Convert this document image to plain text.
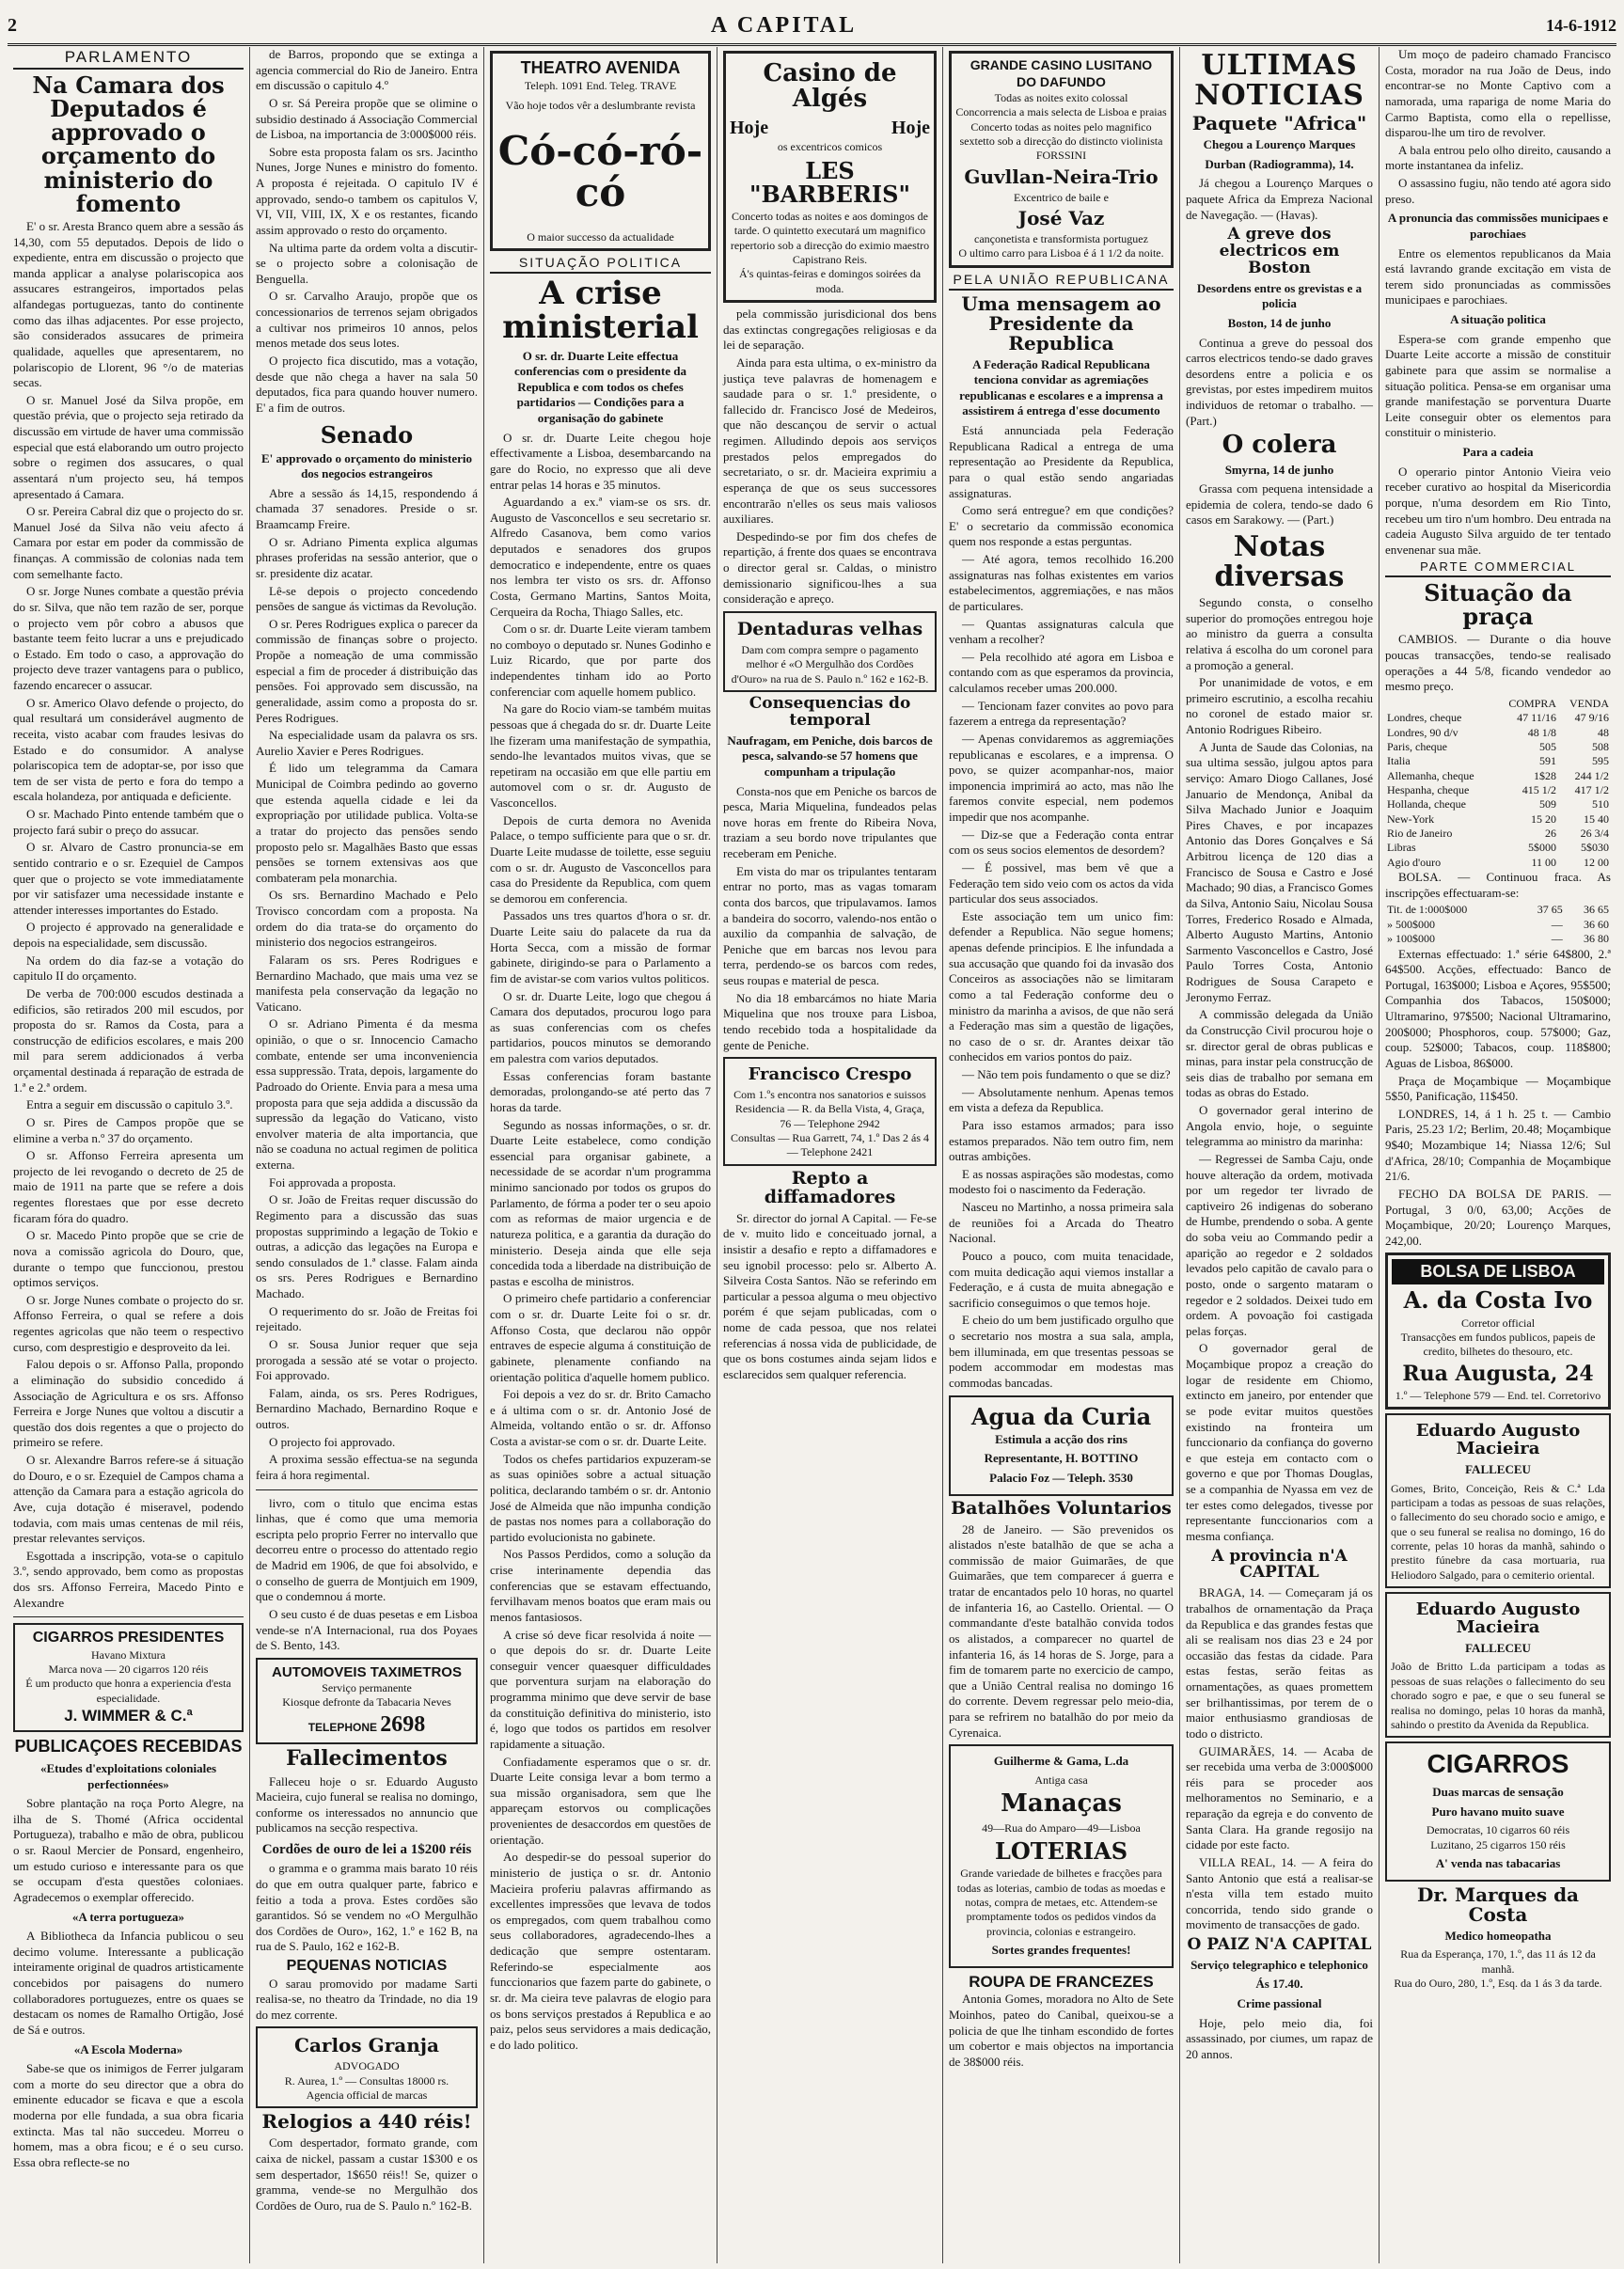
2	A CAPITAL	14-6-1912
PARLAMENTO
Na Camara dos Deputados é approvado o orçamento do ministerio do fomento

E' o sr. Aresta Branco quem abre a sessão ás 14,30, com 55 deputados. Depois de lido o expediente, entra em discussão o projecto que manda applicar a analyse polariscopica aos assucares estrangeiros, importados pelas alfandegas portuguezas, tanto do continente como das ilhas adjacentes. Por esse projecto, são considerados assucares de primeira qualidade, aquelles que apresentarem, no polariscopio de Llorent, 96 °/o de materias secas.

O sr. Manuel José da Silva propõe, em questão prévia, que o projecto seja retirado da discussão em virtude de haver uma commissão especial que está elaborando um outro projecto sobre o regimen dos assucares, o qual assentará n'um projecto seu, há tempos apresentado á Camara.

O sr. Pereira Cabral diz que o projecto do sr. Manuel José da Silva não veiu afecto á Camara por estar em poder da commissão de finanças. A commissão de colonias nada tem com semelhante facto.

O sr. Jorge Nunes combate a questão prévia do sr. Silva, que não tem razão de ser, porque o projecto vem pôr cobro a abusos que bastante teem feito lucrar a uns e prejudicado o Estado. Em todo o caso, a approvação do projecto deve trazer vantagens para o publico, fazendo encarecer o assucar.

O sr. Americo Olavo defende o projecto, do qual resultará um considerável augmento de receita, visto acabar com fraudes lesivas do Estado e do consumidor. A analyse polariscopica tem de adoptar-se, por isso que tem de ser vista de perto e fora do tempo a escala holandeza, por antiquada e deficiente.

O sr. Machado Pinto entende também que o projecto fará subir o preço do assucar.

O sr. Alvaro de Castro pronuncia-se em sentido contrario e o sr. Ezequiel de Campos quer que o projecto se vote immediatamente por vir satisfazer uma necessidade instante e attender interesses importantes do Estado.

O projecto é approvado na generalidade e depois na especialidade, sem discussão.

Na ordem do dia faz-se a votação do capitulo II do orçamento.

De verba de 700:000 escudos destinada a edificios, são retirados 200 mil escudos, por proposta do sr. Ramos da Costa, para a construcção de edificios escolares, e mais 200 mil para serem addicionados á verba orçamental destinada á reparação de estrada de 1.ª e 2.ª ordem.

Entra a seguir em discussão o capitulo 3.º.

O sr. Pires de Campos propõe que se elimine a verba n.º 37 do orçamento.

O sr. Affonso Ferreira apresenta um projecto de lei revogando o decreto de 25 de maio de 1911 na parte que se refere a dois regentes florestaes que por esse decreto ficaram fóra do quadro.

O sr. Macedo Pinto propõe que se crie de nova a comissão agricola do Douro, que, durante o tempo que funccionou, prestou optimos serviços.

O sr. Jorge Nunes combate o projecto do sr. Affonso Ferreira, o qual se refere a dois regentes agricolas que não teem o respectivo curso, com desprestigio e desproveito da lei.

Falou depois o sr. Affonso Palla, propondo a eliminação do subsidio concedido á Associação de Agricultura e os srs. Affonso Ferreira e Jorge Nunes que voltou a discutir a questão dos dois regentes a que o projecto do primeiro se refere.

O sr. Alexandre Barros refere-se á situação do Douro, e o sr. Ezequiel de Campos chama a attenção da Camara para a estação agricola do Ave, cuja dotação é miseravel, podendo todavia, com mais umas centenas de mil réis, prestar relevantes serviços.

Esgottada a inscripção, vota-se o capitulo 3.º, sendo approvado, bem como as propostas dos srs. Affonso Ferreira, Macedo Pinto e Alexandre

CIGARROS PRESIDENTES
Havano Mixtura
Marca nova — 20 cigarros 120 réis
É um producto que honra a experiencia d'esta especialidade.
J. WIMMER & C.ª
PUBLICAÇOES RECEBIDAS
«Etudes d'exploitations coloniales perfectionnées»

Sobre plantação na roça Porto Alegre, na ilha de S. Thomé (Africa occidental Portugueza), trabalho e mão de obra, publicou o sr. Raoul Mercier de Ponsard, engenheiro, um estudo curioso e interessante para os que se occupam d'esta questões coloniaes. Agradecemos o exemplar offerecido.

«A terra portugueza»

A Bibliotheca da Infancia publicou o seu decimo volume. Interessante a publicação inteiramente original de quadros artisticamente concebidos por paisagens do numero collaboradores portuguezes, entre os quaes se destacam os nomes de Ramalho Ortigão, José de Sá e outros.

«A Escola Moderna»

Sabe-se que os inimigos de Ferrer julgaram com a morte do seu director que a obra do eminente educador se ficava e que a escola moderna por elle fundada, a sua obra ficaria extincta. Mas tal não succedeu. Morreu o homem, mas a obra ficou; e é o seu curso. Essa obra reflecte-se no

de Barros, propondo que se extinga a agencia commercial do Rio de Janeiro. Entra em discussão o capitulo 4.º

O sr. Sá Pereira propõe que se olimine o subsidio destinado á Associação Commercial de Lisboa, na importancia de 3:000$000 réis.

Sobre esta proposta falam os srs. Jacintho Nunes, Jorge Nunes e ministro do fomento. A proposta é rejeitada. O capitulo IV é approvado, sendo-o tambem os capitulos V, VI, VII, VIII, IX, X e os restantes, ficando assim approvado o resto do orçamento.

Na ultima parte da ordem volta a discutir-se o projecto sobre a colonisação de Benguella.

O sr. Carvalho Araujo, propõe que os concessionarios de terrenos sejam obrigados a cultivar nos primeiros 10 annos, pelos menos metade dos seus lotes.

O projecto fica discutido, mas a votação, desde que não chega a haver na sala 50 deputados, fica para quando houver numero. E' a fim de outros.

Senado
E' approvado o orçamento do ministerio dos negocios estrangeiros

Abre a sessão ás 14,15, respondendo á chamada 37 senadores. Preside o sr. Braamcamp Freire.

O sr. Adriano Pimenta explica algumas phrases proferidas na sessão anterior, que o sr. presidente diz acatar.

Lê-se depois o projecto concedendo pensões de sangue ás victimas da Revolução.

O sr. Peres Rodrigues explica o parecer da commissão de finanças sobre o projecto. Propõe a nomeação de uma commissão especial a fim de proceder á distribuição das pensões. Foi approvado sem discussão, na generalidade, assim como a proposta do sr. Peres Rodrigues.

Na especialidade usam da palavra os srs. Aurelio Xavier e Peres Rodrigues.

É lido um telegramma da Camara Municipal de Coimbra pedindo ao governo que estenda aquella cidade e lei da expropriação por utilidade publica. Volta-se a tratar do projecto das pensões sendo proposto pelo sr. Magalhães Basto que essas pensões se tornem extensivas aos que combateram pela monarchia.

Os srs. Bernardino Machado e Pelo Trovisco concordam com a proposta. Na ordem do dia trata-se do orçamento do ministerio dos negocios estrangeiros.

Falaram os srs. Peres Rodrigues e Bernardino Machado, que mais uma vez se manifesta pela conservação da legação no Vaticano.

O sr. Adriano Pimenta é da mesma opinião, o que o sr. Innocencio Camacho combate, entende ser uma inconveniencia essa suppressão. Trata, depois, largamente do Padroado do Oriente. Envia para a mesa uma proposta para que seja addida a discussão da supressão da legação do Vaticano, visto envolver materia de alta importancia, que não se coaduna no actual regimen de politica externa.

Foi approvada a proposta.

O sr. João de Freitas requer discussão do Regimento para a discussão das suas propostas supprimindo a legação de Tokio e outras, a adicção das legações na Europa e sendo consulados de 1.ª classe. Falam ainda os srs. Peres Rodrigues e Bernardino Machado.

O requerimento do sr. João de Freitas foi rejeitado.

O sr. Sousa Junior requer que seja prorogada a sessão até se votar o projecto. Foi approvado.

Falam, ainda, os srs. Peres Rodrigues, Bernardino Machado, Bernardino Roque e outros.

O projecto foi approvado.

A proxima sessão effectua-se na segunda feira á hora regimental.

livro, com o titulo que encima estas linhas, que é como que uma memoria escripta pelo proprio Ferrer no intervallo que decorreu entre o processo do attentado regio de Madrid em 1906, de que foi absolvido, e o conselho de guerra de Montjuich em 1909, que o condemnou á morte.

O seu custo é de duas pesetas e em Lisboa vende-se n'A Internacional, rua dos Poyaes de S. Bento, 143.

AUTOMOVEIS TAXIMETROS
Serviço permanente
Kiosque defronte da Tabacaria Neves
TELEPHONE 2698
Fallecimentos

Falleceu hoje o sr. Eduardo Augusto Macieira, cujo funeral se realisa no domingo, conforme os interessados no annuncio que publicamos na secção respectiva.

Cordões de ouro de lei a 1$200 réis

o gramma e o gramma mais barato 10 réis do que em outra qualquer parte, fabrico e feitio a toda a prova. Estes cordões são garantidos. Só se vendem no «O Mergulhão dos Cordões de Ouro», 162, 1.º e 162 B, na rua de S. Paulo, 162 e 162-B.

PEQUENAS NOTICIAS

O sarau promovido por madame Sarti realisa-se, no theatro da Trindade, no dia 19 do mez corrente.

Carlos Granja
ADVOGADO
R. Aurea, 1.º — Consultas 18000 rs.
Agencia official de marcas
Relogios a 440 réis!

Com despertador, formato grande, com caixa de nickel, passam a custar 1$300 e os sem despertador, 1$650 réis!! Se, quizer o gramma, vende-se no Mergulhão dos Cordões de Ouro, rua de S. Paulo n.º 162-B.

THEATRO AVENIDA
Teleph. 1091 End. Teleg. TRAVE
Vão hoje todos vêr a deslumbrante revista
Có-có-ró-có
O maior successo da actualidade
SITUAÇÃO POLITICA
A crise ministerial
O sr. dr. Duarte Leite effectua conferencias com o presidente da Republica e com todos os chefes partidarios — Condições para a organisação do gabinete

O sr. dr. Duarte Leite chegou hoje effectivamente a Lisboa, desembarcando na gare do Rocio, no expresso que ali deve entrar pelas 14 horas e 35 minutos.

Aguardando a ex.ª viam-se os srs. dr. Augusto de Vasconcellos e seu secretario sr. Alfredo Casanova, bem como varios deputados e senadores dos grupos democratico e independente, entre os quaes nos lembra ter visto os srs. dr. Affonso Costa, Germano Martins, Santos Moita, Cerqueira da Rocha, Thiago Salles, etc.

Com o sr. dr. Duarte Leite vieram tambem no comboyo o deputado sr. Nunes Godinho e Luiz Ricardo, que por parte dos independentes tinham ido ao Porto conferenciar com aquelle homem publico.

Na gare do Rocio viam-se também muitas pessoas que á chegada do sr. dr. Duarte Leite lhe fizeram uma manifestação de sympathia, sendo-lhe levantados muitos vivas, que se repetiram na occasião em que elle partiu em automovel com o sr. dr. Augusto de Vasconcellos.

Depois de curta demora no Avenida Palace, o tempo sufficiente para que o sr. dr. Duarte Leite mudasse de toilette, esse seguiu com o sr. dr. Augusto de Vasconcellos para casa do Presidente da Republica, com quem se demorou em conferencia.

Passados uns tres quartos d'hora o sr. dr. Duarte Leite saiu do palacete da rua da Horta Secca, com a missão de formar gabinete, dirigindo-se para o Parlamento a fim de avistar-se com varios vultos politicos.

O sr. dr. Duarte Leite, logo que chegou á Camara dos deputados, procurou logo para as suas conferencias com os chefes partidarios, poucos minutos se demorando em palestra com varios deputados.

Essas conferencias foram bastante demoradas, prolongando-se até perto das 7 horas da tarde.

Segundo as nossas informações, o sr. dr. Duarte Leite estabelece, como condição essencial para organisar gabinete, a necessidade de se acordar n'um programma minimo sancionado por todos os grupos do Parlamento, de fórma a poder ter o seu apoio com as reformas de maior urgencia e de natureza politica, e a garantia da duração do ministerio. Deseja ainda que elle seja concedida toda a liberdade na distribuição de pastas e escolha de ministros.

O primeiro chefe partidario a conferenciar com o sr. dr. Duarte Leite foi o sr. dr. Affonso Costa, que declarou não oppôr entraves de especie alguma á constituição de gabinete, plenamente confiando na orientação politica d'aquelle homem publico.

Foi depois a vez do sr. dr. Brito Camacho e á ultima com o sr. dr. Antonio José de Almeida, voltando então o sr. dr. Affonso Costa a avistar-se com o sr. dr. Duarte Leite.

Todos os chefes partidarios expuzeram-se as suas opiniões sobre a actual situação politica, declarando também o sr. dr. Antonio José de Almeida que não impunha condição de pastas nos nomes para a collaboração do partido evolucionista no gabinete.

Nos Passos Perdidos, como a solução da crise interinamente dependia das conferencias que se estavam effectuando, fervilhavam menos boatos que eram mais ou menos fantasiosos.

A crise só deve ficar resolvida á noite — o que depois do sr. dr. Duarte Leite conseguir vencer quaesquer difficuldades que porventura surjam na elaboração do programma minimo que deve servir de base da constituição definitiva do ministerio, isto é, logo que todos os partidos em resolver rapidamente a situação.

Confiadamente esperamos que o sr. dr. Duarte Leite consiga levar a bom termo a sua missão organisadora, sem que lhe appareçam estorvos ou complicações provenientes de desaccordos em questões de orientação.

Ao despedir-se do pessoal superior do ministerio de justiça o sr. dr. Antonio Macieira proferiu palavras affirmando as excellentes impressões que levava de todos os empregados, com quem trabalhou como seus collaboradores, agradecendo-lhes a dedicação que sempre ostentaram. Referindo-se especialmente aos funccionarios que fazem parte do gabinete, o sr. dr. Ma cieira teve palavras de elogio para os bons serviços prestados á Republica e ao paiz, pelos seus servidores a mais dedicação, e do lado politico.

Casino de Algés
Hoje	Hoje
os excentricos comicos
LES "BARBERIS"
Concerto todas as noites e aos domingos de tarde. O quintetto executará um magnifico repertorio sob a direcção do eximio maestro Capistrano Reis.
Á's quintas-feiras e domingos soirées da moda.

pela commissão jurisdicional dos bens das extinctas congregações religiosas e da lei de separação.

Ainda para esta ultima, o ex-ministro da justiça teve palavras de homenagem e saudade para o sr. 1.º presidente, o fallecido dr. Francisco José de Medeiros, que não descançou de servir o actual regimen. Alludindo depois aos serviços prestados pelos empregados do secretariato, o sr. dr. Macieira exprimiu a esperança de que os seus successores encontrarão n'elles os seus mais valiosos auxiliares.

Despedindo-se por fim dos chefes de repartição, á frente dos quaes se encontrava o director geral sr. Caldas, o ministro demissionario significou-lhes a sua consideração e apreço.

Dentaduras velhas
Dam com compra sempre o pagamento melhor é «O Mergulhão dos Cordões d'Ouro» na rua de S. Paulo n.º 162 e 162-B.
Consequencias do temporal
Naufragam, em Peniche, dois barcos de pesca, salvando-se 57 homens que compunham a tripulação

Consta-nos que em Peniche os barcos de pesca, Maria Miquelina, fundeados pelas nove horas em frente do Ribeira Nova, traziam a seu bordo nove tripulantes que receberam em Peniche.

Em vista do mar os tripulantes tentaram entrar no porto, mas as vagas tomaram conta dos barcos, que tripulavamos. Iamos a bandeira do socorro, valendo-nos então o auxilio da companhia de salvação, de Peniche que em barcas nos levou para terra, perdendo-se os barcos com redes, seus roupas e material de pesca.

No dia 18 embarcámos no hiate Maria Miquelina que nos trouxe para Lisboa, tendo recebido toda a hospitalidade da gente de Peniche.

Francisco Crespo
Com 1.ºs encontra nos sanatorios e suissos
Residencia — R. da Bella Vista, 4, Graça, 76 — Telephone 2942
Consultas — Rua Garrett, 74, 1.º Das 2 ás 4 — Telephone 2421
Repto a diffamadores

Sr. director do jornal A Capital. — Fe-se de v. muito lido e conceituado jornal, a insistir a desafio e repto a diffamadores e seu ignobil processo: pelo sr. Alberto A. Silveira Costa Santos. Não se referindo em particular a pessoa alguma o meu objectivo porém é que sejam publicadas, com o nome de cada pessoa, que nos relatei referencias á nossa vida de publicidade, de que os bons costumes ainda sejam lidos e esclarecidos sem qualquer referencia.

GRANDE CASINO LUSITANO
DO DAFUNDO
Todas as noites exito colossal
Concorrencia a mais selecta de Lisboa e praias
Concerto todas as noites pelo magnifico sextetto sob a direcção do distincto violinista FORSSINI
Guvllan-Neira-Trio
Excentrico de baile e
José Vaz
cançonetista e transformista portuguez
O ultimo carro para Lisboa é á 1 1/2 da noite.
PELA UNIÃO REPUBLICANA
Uma mensagem ao Presidente da Republica
A Federação Radical Republicana tenciona convidar as agremiações republicanas e escolares e a imprensa a assistirem á entrega d'esse documento

Está annunciada pela Federação Republicana Radical a entrega de uma representação ao Presidente da Republica, para o qual estão sendo angariadas assignaturas.

Como será entregue? em que condições? E' o secretario da commissão economica quem nos responde a estas perguntas.

— Até agora, temos recolhido 16.200 assignaturas nas folhas existentes em varios estabelecimentos, aggremiações, e nas mãos de particulares.

— Quantas assignaturas calcula que venham a recolher?

— Pela recolhido até agora em Lisboa e contando com as que esperamos da provincia, calculamos receber umas 200.000.

— Tencionam fazer convites ao povo para fazerem a entrega da representação?

— Apenas convidaremos as aggremiações republicanas e escolares, e a imprensa. O povo, se quizer acompanhar-nos, maior imponencia imprimirá ao acto, mas não lhe faremos convite especial, nem podemos impedir que nos acompanhe.

— Diz-se que a Federação conta entrar com os seus socios elementos de desordem?

— É possivel, mas bem vê que a Federação tem sido veio com os actos da vida particular dos seus associados.

Este associação tem um unico fim: defender a Republica. Não segue homens; apenas defende principios. E lhe infundada a sua accusação que quando foi da invasão dos Conceiros as associações não se limitaram como a tal Federação conforme deu o ministro da marinha a avisos, de que não será a Federação mas sim a questão de ligações, no caso de o sr. dr. Arantes deixar tão conhecidos em varios pontos do paiz.

— Não tem pois fundamento o que se diz?

— Absolutamente nenhum. Apenas temos em vista a defeza da Republica.

Para isso estamos armados; para isso estamos preparados. Não tem outro fim, nem outras ambições.

E as nossas aspirações são modestas, como modesto foi o nascimento da Federação.

Nasceu no Martinho, a nossa primeira sala de reuniões foi a Arcada do Theatro Nacional.

Pouco a pouco, com muita tenacidade, com muita dedicação aqui viemos installar a Federação, e á custa de muita abnegação e sacrificio conseguimos o que temos hoje.

E cheio do um bem justificado orgulho que o secretario nos mostra a sua sala, ampla, bem illuminada, em que tresentas pessoas se podem accommodar em modestas mas commodas bancadas.

Agua da Curia
Estimula a acção dos rins
Representante, H. BOTTINO
Palacio Foz — Teleph. 3530
Batalhões Voluntarios

28 de Janeiro. — São prevenidos os alistados n'este batalhão de que se acha a commissão de maior Guimarães, de que Guimarães, que tem comparecer á guerra e tratar de encantados pelo 10 horas, no quartel de infanteria 16, ao Castello. Oriental. — O commandante d'este batalhão convida todos os alistados, a comparecer no quartel de infanteria 16, ás 14 horas de S. Jorge, para a fim de tomarem parte no exercicio de campo, que a União Central realisa no domingo 16 do corrente. Devem regressar pelo meio-dia, para se refrirem no batalhão do por meio da Cyrenaica.

Guilherme & Gama, L.da
Antiga casa
Manaças
49—Rua do Amparo—49—Lisboa
LOTERIAS
Grande variedade de bilhetes e fracções para todas as loterias, cambio de todas as moedas e notas, compra de metaes, etc. Attendem-se promptamente todos os pedidos vindos da provincia, colonias e estrangeiro.
Sortes grandes frequentes!
ROUPA DE FRANCEZES

Antonia Gomes, moradora no Alto de Sete Moinhos, pateo do Canibal, queixou-se a policia de que lhe tinham escondido de fortes um cobertor e mais objectos na importancia de 38$000 réis.

ULTIMAS NOTICIAS
Paquete "Africa"
Chegou a Lourenço Marques
Durban (Radiogramma), 14.

Já chegou a Lourenço Marques o paquete Africa da Empreza Nacional de Navegação. — (Havas).

A greve dos electricos em Boston
Desordens entre os grevistas e a policia
Boston, 14 de junho

Continua a greve do pessoal dos carros electricos tendo-se dado graves desordens entre a policia e os grevistas, por estes impedirem muitos individuos de retomar o trabalho. — (Part.)

O colera
Smyrna, 14 de junho

Grassa com pequena intensidade a epidemia de colera, tendo-se dado 6 casos em Sarakowy. — (Part.)

Notas diversas

Segundo consta, o conselho superior do promoções entregou hoje ao ministro da guerra a consulta relativa á escolha do um coronel para a promoção a general.

Por unanimidade de votos, e em primeiro escrutinio, a escolha recahiu no coronel de estado maior sr. Antonio Rodrigues Ribeiro.

A Junta de Saude das Colonias, na sua ultima sessão, julgou aptos para serviço: Amaro Diogo Callanes, José Januario de Mendonça, Anibal da Silva Machado Junior e Joaquim Pires Chaves, e por incapazes Antonio das Dores Gonçalves e Sá Arbitrou licença de 120 dias a Francisco de Sousa e Castro e José Machado; 90 dias, a Francisco Gomes da Silva, Antonio Saiu, Nicolau Sousa Torres, Frederico Rosado e Almada, Alberto Augusto Martins, Antonio Sarmento Vasconcellos e Castro, José Paulo Torres Costa, Antonio Rodrigues de Sousa Carapeto e Jeronymo Ferraz.

A commissão delegada da União da Construcção Civil procurou hoje o sr. director geral de obras publicas e minas, para instar pela construcção de seis dias de trabalho por semana em todas as obras do Estado.

O governador geral interino de Angola envio, hoje, o seguinte telegramma ao ministro da marinha:

— Regressei de Samba Caju, onde houve alteração da ordem, motivada por um regedor ter livrado de captiveiro 26 indigenas do soberano de Humbe, prendendo o soba. A gente do soba veiu ao Commando pedir a aparição ao regedor e 2 soldados levados pelo capitão de cavalo para o posto, onde o sargento mataram o regedor e 2 soldados. Deixei tudo em ordem. A povoação foi castigada pelas forças.

O governador geral de Moçambique propoz a creação do logar de residente em Chiomo, extincto em janeiro, por entender que se pode evitar muitos questões existindo na fronteira um funccionario da confiança do governo e que esteja em contacto com o governo e que por Thomas Douglas, se a companhia de Nyassa em vez de ter estes como delegados, tivesse por representante funccionarios com a mesma confiança.

A provincia n'A CAPITAL

BRAGA, 14. — Começaram já os trabalhos de ornamentação da Praça da Republica e das grandes festas que ali se realisam nos dias 23 e 24 por occasião das festas da cidade. Para estas festas, serão feitas as ornamentações, as quaes promettem ser brilhantissimas, por terem de o maior enthusiasmo grandiosas de todo o districto.

GUIMARÃES, 14. — Acaba de ser recebida uma verba de 3:000$000 réis para se proceder aos melhoramentos no Seminario, e a reparação da egreja e do convento de Santa Clara. Ha grande regosijo na cidade por este facto.

VILLA REAL, 14. — A feira do Santo Antonio que está a realisar-se n'esta villa tem estado muito concorrida, tendo sido grande o movimento de transacções de gado.

O PAIZ N'A CAPITAL
Serviço telegraphico e telephonico
Ás 17.40.
Crime passional

Hoje, pelo meio dia, foi assassinado, por ciumes, um rapaz de 20 annos.

Um moço de padeiro chamado Francisco Costa, morador na rua João de Deus, indo encontrar-se no Monte Captivo com a namorada, uma rapariga de nome Maria do Carmo Baptista, como ella o repellisse, disparou-lhe um tiro de revolver.

A bala entrou pelo olho direito, causando a morte instantanea da infeliz.

O assassino fugiu, não tendo até agora sido preso.

A pronuncia das commissões municipaes e parochiaes

Entre os elementos republicanos da Maia está lavrando grande excitação em vista de terem sido pronunciadas as commissões municipaes e parochiaes.

A situação politica

Espera-se com grande empenho que Duarte Leite accorte a missão de constituir gabinete para que assim se normalise a situação politica. Pensa-se em organisar uma grande manifestação se porventura Duarte Leite conseguir obter os elementos para constituir o ministerio.

Para a cadeia

O operario pintor Antonio Vieira veio receber curativo ao hospital da Misericordia porque, n'uma desordem em Rio Tinto, recebeu um tiro n'um hombro. Deu entrada na cadeia Augusto Silva arguido de ter tentado envenenar sua mãe.

PARTE COMMERCIAL
Situação da praça

CAMBIOS. — Durante o dia houve poucas transacções, tendo-se realisado operações a 44 5/8, ficando vendedor ao mesmo preço.

	COMPRA	VENDA
Londres, cheque	47 11/16	47 9/16
Londres, 90 d/v	48 1/8	48
Paris, cheque	505	508
Italia	591	595
Allemanha, cheque	1$28	244 1/2
Hespanha, cheque	415 1/2	417 1/2
Hollanda, cheque	509	510
New-York	15 20	15 40
Rio de Janeiro	26	26 3/4
Libras	5$000	5$030
Agio d'ouro	11 00	12 00

BOLSA. — Continuou fraca. As inscripções effectuaram-se:

Tit. de 1:000$000	37 65	36 65
» 500$000	—	36 60
» 100$000	—	36 80

Externas effectuado: 1.ª série 64$800, 2.ª 64$500. Acções, effectuado: Banco de Portugal, 163$000; Lisboa e Açores, 95$500; Companhia dos Tabacos, 150$000; Ultramarino, 97$500; Nacional Ultramarino, 200$000; Phosphoros, coup. 57$000; Gaz, coup. 52$000; Tabacos, coup. 118$800; Aguas de Lisboa, 86$000.

Praça de Moçambique — Moçambique 5$50, Panificação, 11$450.

LONDRES, 14, á 1 h. 25 t. — Cambio Paris, 25.23 1/2; Berlim, 20.48; Moçambique 9$40; Mozambique 14; Niassa 12/6; Sul d'Africa, 28/10; Companhia de Moçambique 21/6.

FECHO DA BOLSA DE PARIS. — Portugal, 3 0/0, 63,00; Acções de Moçambique, 20/20; Lourenço Marques, 242,00.

BOLSA DE LISBOA
A. da Costa Ivo
Corretor official
Transacções em fundos publicos, papeis de credito, bilhetes do thesouro, etc.
Rua Augusta, 24
1.º — Telephone 579 — End. tel. Corretorivo
Eduardo Augusto Macieira
FALLECEU
Gomes, Brito, Conceição, Reis & C.ª Lda participam a todas as pessoas de suas relações, o fallecimento do seu chorado socio e amigo, e que o seu funeral se realisa no domingo, 16 do corrente, pelas 10 horas da manhã, sahindo o prestito fúnebre da casa mortuaria, rua Heliodoro Salgado, para o cemiterio oriental.
Eduardo Augusto Macieira
FALLECEU
João de Britto L.da participam a todas as pessoas de suas relações o fallecimento do seu chorado sogro e pae, e que o seu funeral se realisa no domingo, pelas 10 horas da manhã, sahindo o prestito da Avenida da Republica.
CIGARROS
Duas marcas de sensação
Puro havano muito suave
Democratas, 10 cigarros 60 réis
Luzitano, 25 cigarros 150 réis
A' venda nas tabacarias
Dr. Marques da Costa
Medico homeopatha
Rua da Esperança, 170, 1.º, das 11 ás 12 da manhã.
Rua do Ouro, 280, 1.º, Esq. da 1 ás 3 da tarde.
